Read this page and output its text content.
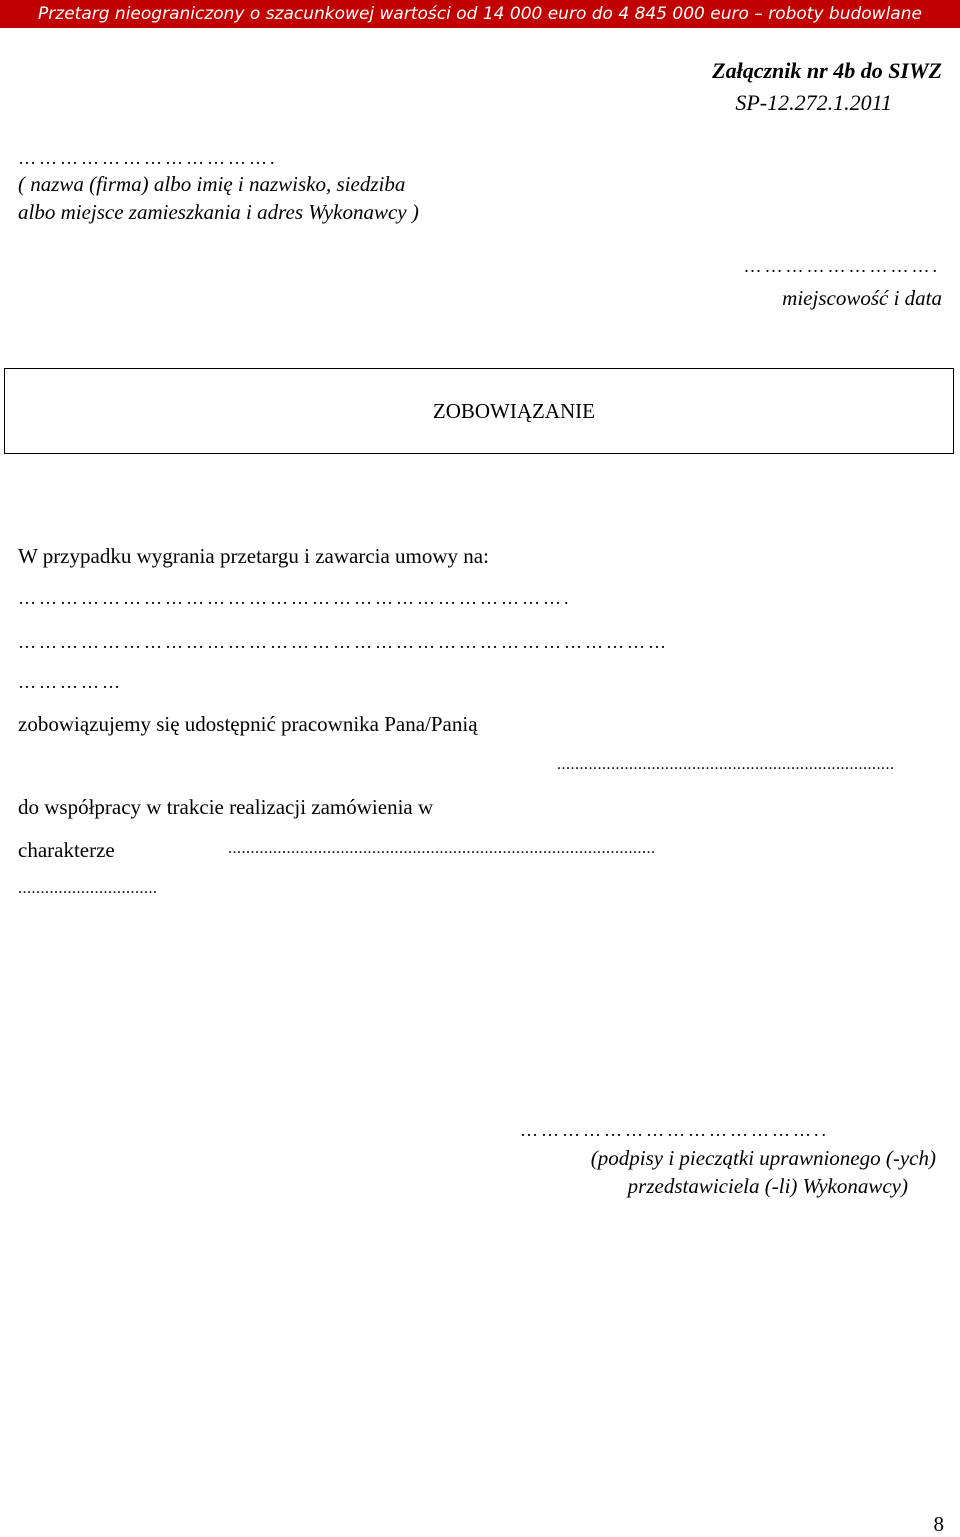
Przetarg nieograniczony o szacunkowej wartości od 14 000 euro do 4 845 000 euro – roboty budowlane
Załącznik nr 4b do SIWZ
SP-12.272.1.2011
……………………………….
( nazwa (firma) albo imię i nazwisko, siedziba
albo miejsce zamieszkania i adres Wykonawcy )
……………………….
miejscowość i data
ZOBOWIĄZANIE
W przypadku wygrania przetargu i zawarcia umowy na:
…………………………………………………………………….
…………………………………………………………………………………
……………
zobowiązujemy się udostępnić pracownika Pana/Panią
...........................................................................
do współpracy w trakcie realizacji zamówienia w
charakterze	...............................................................................................
...............................
……………………………………..
(podpisy i pieczątki uprawnionego (-ych)
przedstawiciela (-li) Wykonawcy)
8
